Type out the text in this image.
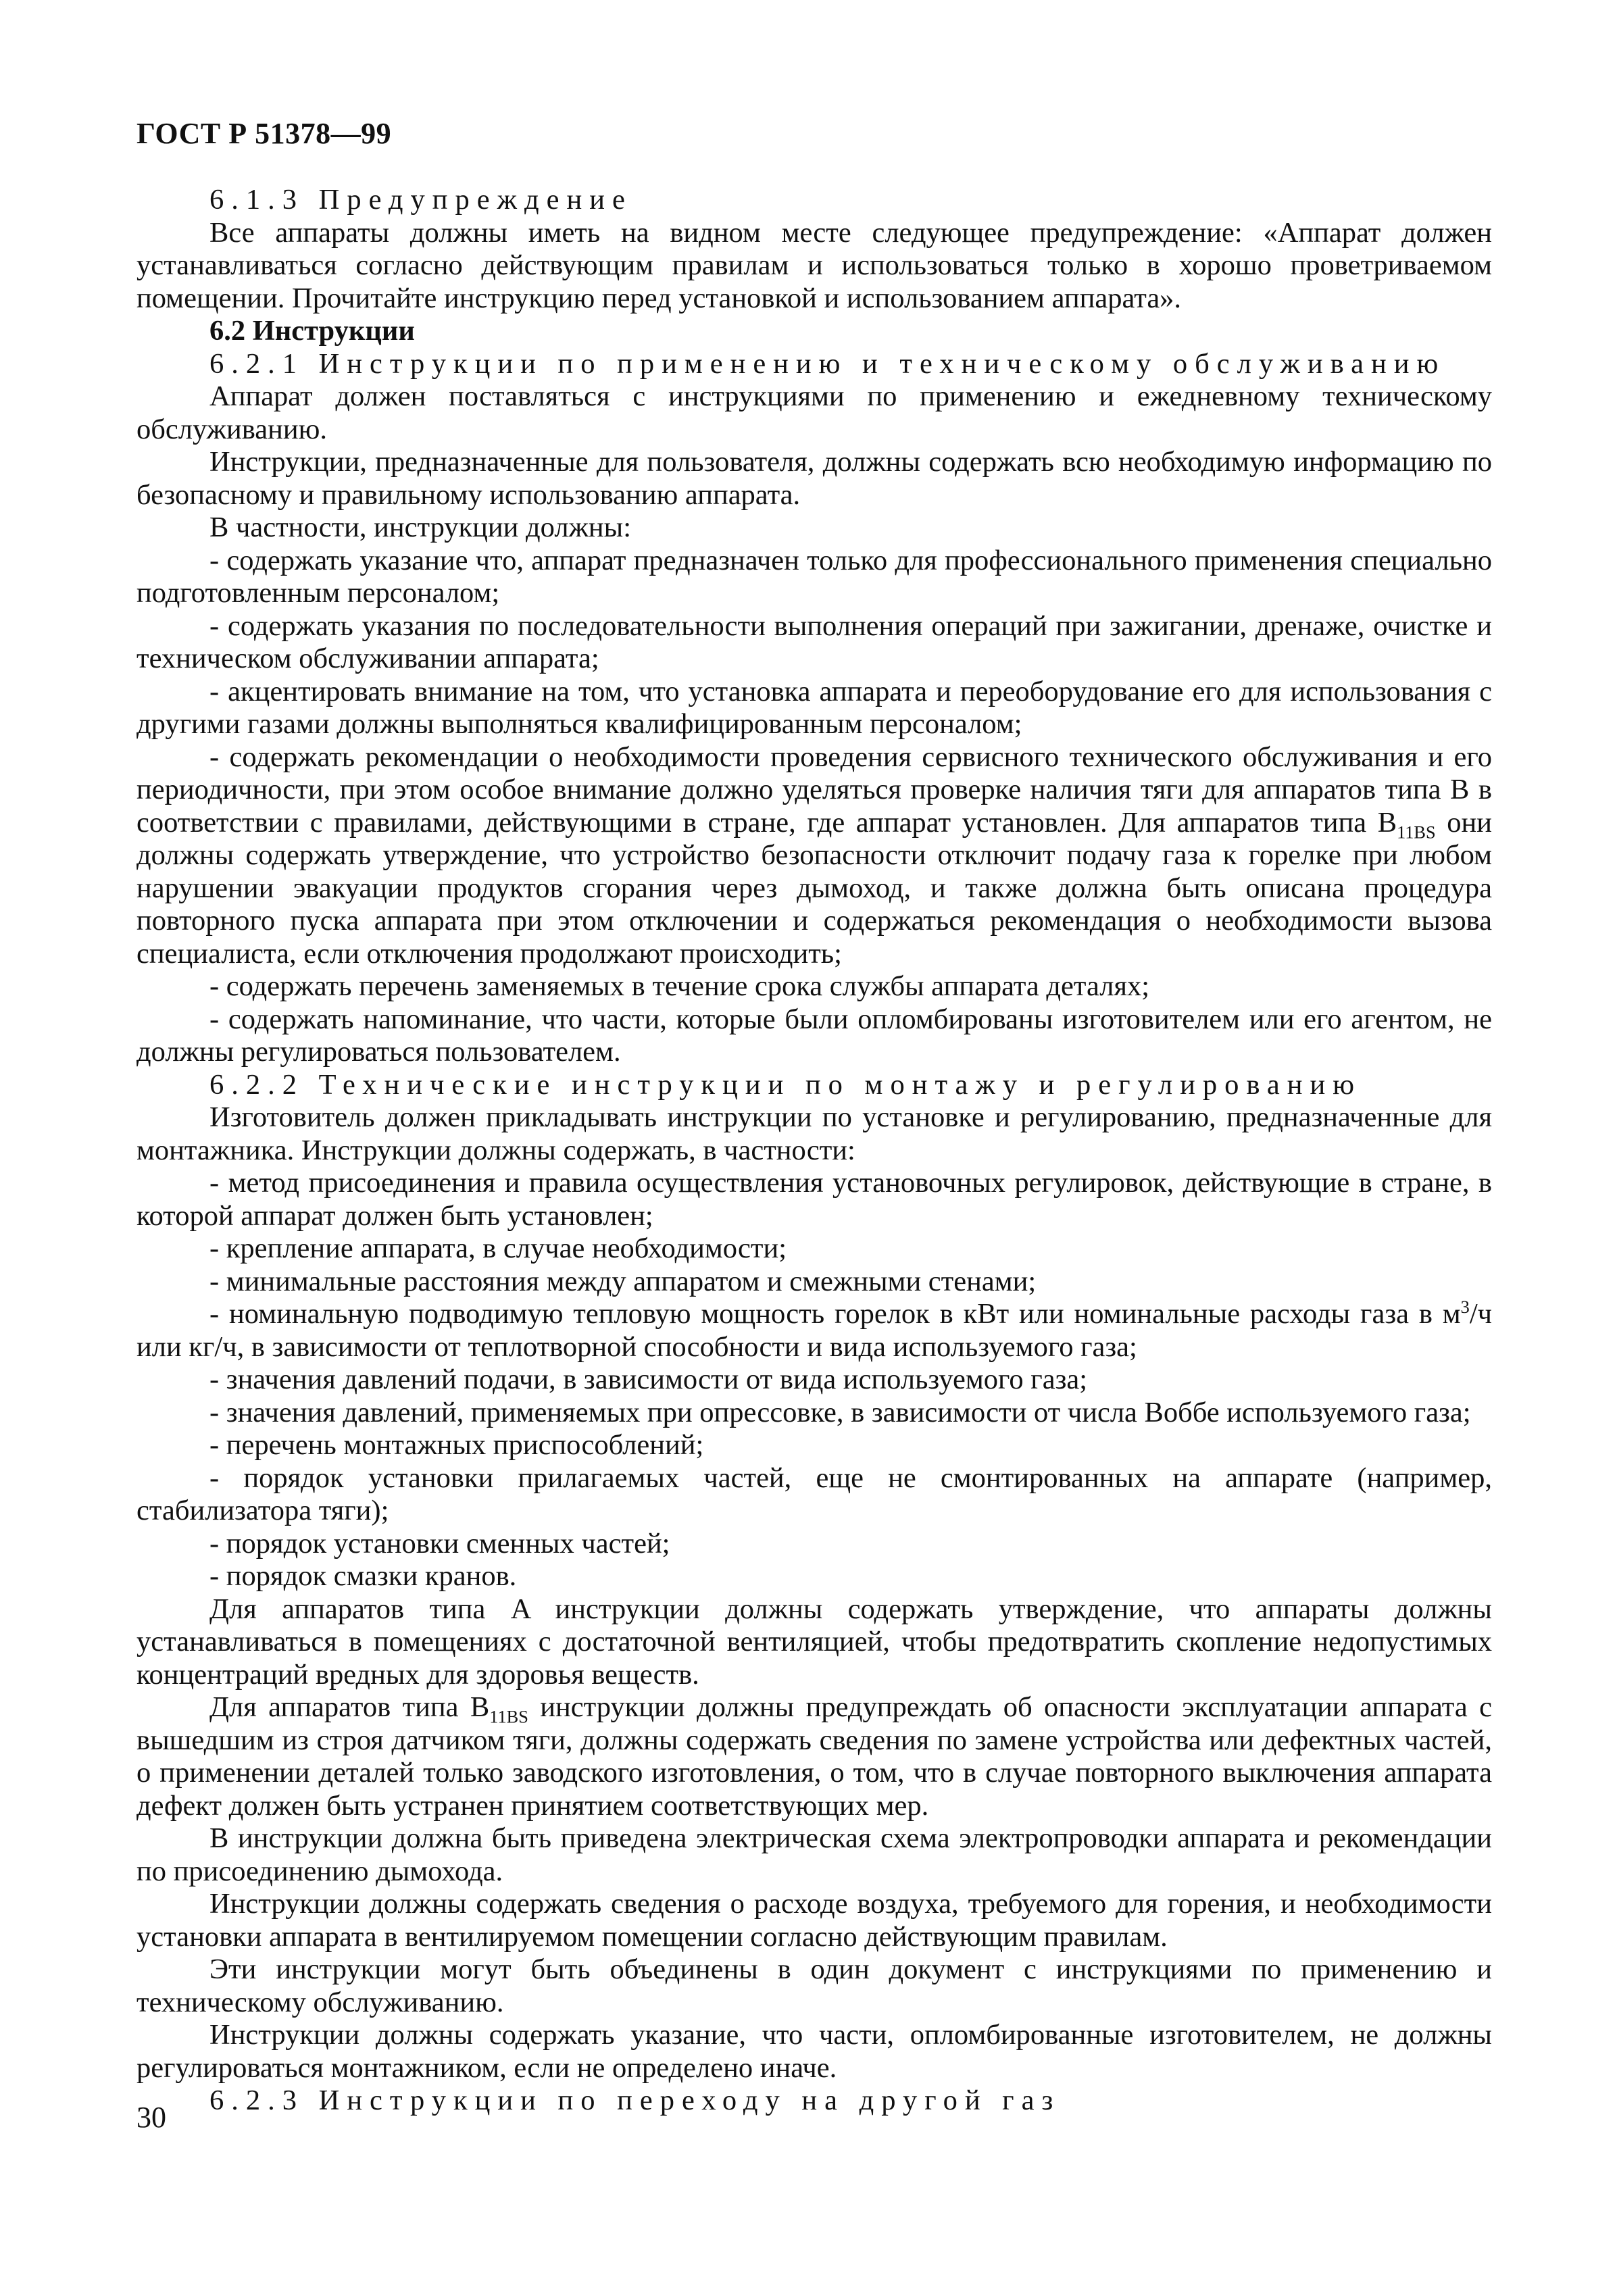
ГОСТ Р 51378—99

6.1.3 Предупреждение

Все аппараты должны иметь на видном месте следующее предупреждение: «Аппарат должен устанавливаться согласно действующим правилам и использоваться только в хорошо проветриваемом помещении. Прочитайте инструкцию перед установкой и использованием аппарата».

6.2 Инструкции

6.2.1 Инструкции по применению и техническому обслуживанию

Аппарат должен поставляться с инструкциями по применению и ежедневному техническому обслуживанию.

Инструкции, предназначенные для пользователя, должны содержать всю необходимую информацию по безопасному и правильному использованию аппарата.

В частности, инструкции должны:

- содержать указание что, аппарат предназначен только для профессионального применения специально подготовленным персоналом;

- содержать указания по последовательности выполнения операций при зажигании, дренаже, очистке и техническом обслуживании аппарата;

- акцентировать внимание на том, что установка аппарата и переоборудование его для использования с другими газами должны выполняться квалифицированным персоналом;

- содержать рекомендации о необходимости проведения сервисного технического обслуживания и его периодичности, при этом особое внимание должно уделяться проверке наличия тяги для аппаратов типа B в соответствии с правилами, действующими в стране, где аппарат установлен. Для аппаратов типа $B_{11BS}$ они должны содержать утверждение, что устройство безопасности отключит подачу газа к горелке при любом нарушении эвакуации продуктов сгорания через дымоход, и также должна быть описана процедура повторного пуска аппарата при этом отключении и содержаться рекомендация о необходимости вызова специалиста, если отключения продолжают происходить;

- содержать перечень заменяемых в течение срока службы аппарата деталях;

- содержать напоминание, что части, которые были опломбированы изготовителем или его агентом, не должны регулироваться пользователем.

6.2.2 Технические инструкции по монтажу и регулированию

Изготовитель должен прикладывать инструкции по установке и регулированию, предназначенные для монтажника. Инструкции должны содержать, в частности:

- метод присоединения и правила осуществления установочных регулировок, действующие в стране, в которой аппарат должен быть установлен;

- крепление аппарата, в случае необходимости;

- минимальные расстояния между аппаратом и смежными стенами;

- номинальную подводимую тепловую мощность горелок в кВт или номинальные расходы газа в $м^3/ч$ или кг/ч, в зависимости от теплотворной способности и вида используемого газа;

- значения давлений подачи, в зависимости от вида используемого газа;

- значения давлений, применяемых при опрессовке, в зависимости от числа Воббе используемого газа;

- перечень монтажных приспособлений;

- порядок установки прилагаемых частей, еще не смонтированных на аппарате (например, стабилизатора тяги);

- порядок установки сменных частей;

- порядок смазки кранов.

Для аппаратов типа A инструкции должны содержать утверждение, что аппараты должны устанавливаться в помещениях с достаточной вентиляцией, чтобы предотвратить скопление недопустимых концентраций вредных для здоровья веществ.

Для аппаратов типа $B_{11BS}$ инструкции должны предупреждать об опасности эксплуатации аппарата с вышедшим из строя датчиком тяги, должны содержать сведения по замене устройства или дефектных частей, о применении деталей только заводского изготовления, о том, что в случае повторного выключения аппарата дефект должен быть устранен принятием соответствующих мер.

В инструкции должна быть приведена электрическая схема электропроводки аппарата и рекомендации по присоединению дымохода.

Инструкции должны содержать сведения о расходе воздуха, требуемого для горения, и необходимости установки аппарата в вентилируемом помещении согласно действующим правилам.

Эти инструкции могут быть объединены в один документ с инструкциями по применению и техническому обслуживанию.

Инструкции должны содержать указание, что части, опломбированные изготовителем, не должны регулироваться монтажником, если не определено иначе.

6.2.3 Инструкции по переходу на другой газ

30
